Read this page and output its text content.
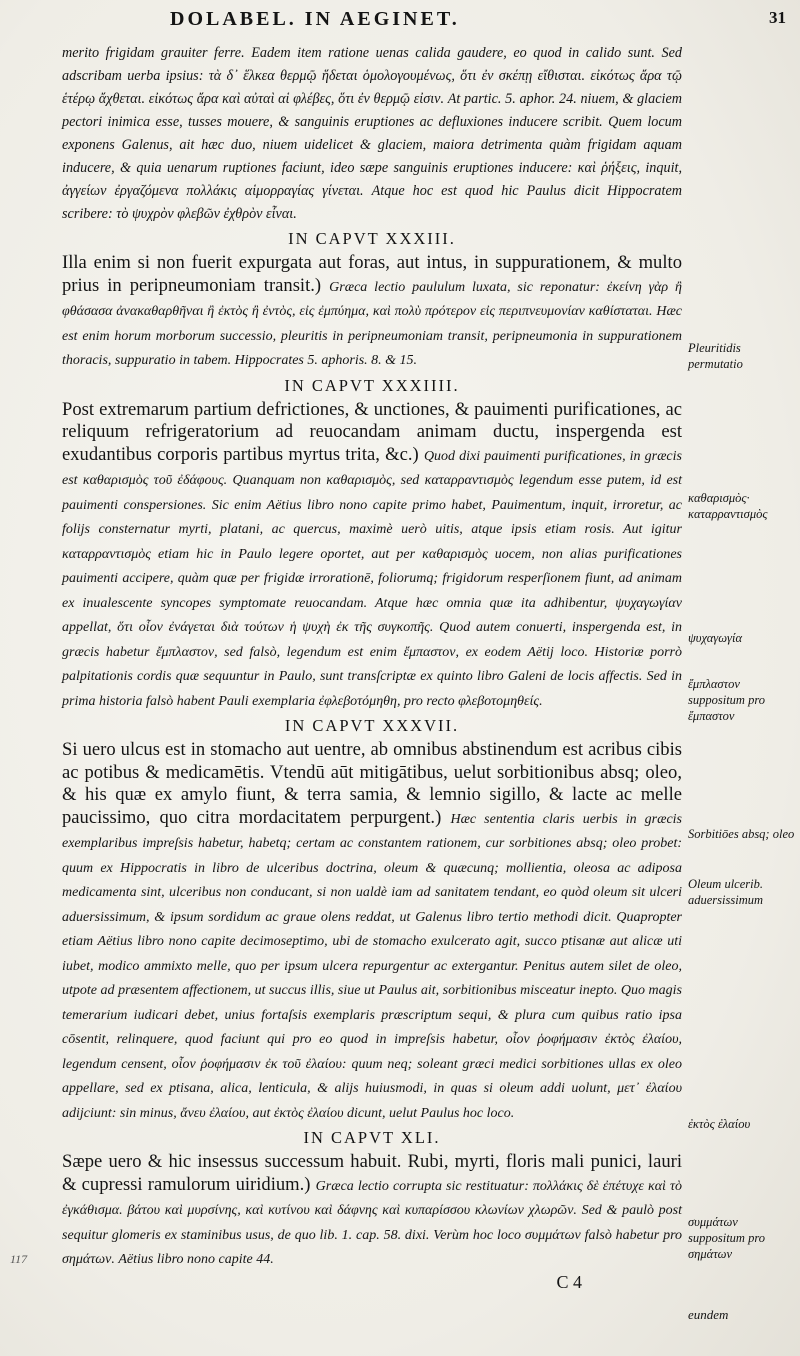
DOLABEL. IN AEGINET.	31

merito frigidam grauiter ferre. Eadem item ratione uenas calida gaudere, eo quod in calido sunt. Sed adscribam uerba ipsius: τὰ δ᾽ ἕλκεα θερμῷ ἥδεται ὁμολογουμένως, ὅτι ἐν σκέπῃ εἴθισται. εἰκότως ἄρα τῷ ἑτέρῳ ἄχθεται. εἰκότως ἄρα καὶ αὐταὶ αἱ φλέβες, ὅτι ἐν θερμῷ εἰσιν. At partic. 5. aphor. 24. niuem, & glaciem pectori inimica esse, tusses mouere, & sanguinis eruptiones ac defluxiones inducere scribit. Quem locum exponens Galenus, ait hæc duo, niuem uidelicet & glaciem, maiora detrimenta quàm frigidam aquam inducere, & quia uenarum ruptiones faciunt, ideo sæpe sanguinis eruptiones inducere: καὶ ῥήξεις, inquit, ἀγγείων ἐργαζόμενα πολλάκις αἱμορραγίας γίνεται. Atque hoc est quod hic Paulus dicit Hippocratem scribere: τὸ ψυχρὸν φλεβῶν ἐχθρὸν εἶναι.

IN CAPVT XXXIII.

Illa enim si non fuerit expurgata aut foras, aut intus, in suppurationem, & multo prius in peripneumoniam transit.) Græca lectio paululum luxata, sic reponatur: ἐκείνη γὰρ ἢ φθάσασα ἀνακαθαρθῆναι ἢ ἐκτὸς ἢ ἐντὸς, εἰς ἐμπύημα, καὶ πολὺ πρότερον εἰς περιπνευμονίαν καθίσταται. Hæc est enim horum morborum successio, pleuritis in peripneumoniam transit, peripneumonia in suppurationem thoracis, suppuratio in tabem. Hippocrates 5. aphoris. 8. & 15.

IN CAPVT XXXIIII.

Post extremarum partium defrictiones, & unctiones, & pauimenti purificationes, ac reliquum refrigeratorium ad reuocandam animam ductu, inspergenda est exudantibus corporis partibus myrtus trita, &c.) Quod dixi pauimenti purificationes, in græcis est καθαρισμὸς τοῦ ἐδάφους. Quanquam non καθαρισμὸς, sed καταρραντισμὸς legendum esse putem, id est pauimenti conspersiones. Sic enim Aëtius libro nono capite primo habet, Pauimentum, inquit, irroretur, ac folijs consternatur myrti, platani, ac quercus, maximè uerò uitis, atque ipsis etiam rosis. Aut igitur καταρραντισμὸς etiam hic in Paulo legere oportet, aut per καθαρισμὸς uocem, non alias purificationes pauimenti accipere, quàm quæ per frigidæ irrorationē, foliorumq; frigidorum resperſionem fiunt, ad animam ex inualescente syncopes symptomate reuocandam. Atque hæc omnia quæ ita adhibentur, ψυχαγωγίαν appellat, ὅτι οἷον ἐνάγεται διὰ τούτων ἡ ψυχὴ ἐκ τῆς συγκοπῆς. Quod autem conuerti, inspergenda est, in græcis habetur ἔμπλαστον, sed falsò, legendum est enim ἔμπαστον, ex eodem Aëtij loco. Historiæ porrò palpitationis cordis quæ sequuntur in Paulo, sunt transſcriptæ ex quinto libro Galeni de locis affectis. Sed in prima historia falsò habent Pauli exemplaria ἐφλεβοτόμηθη, pro recto φλεβοτομηθείς.

IN CAPVT XXXVII.

Si uero ulcus est in stomacho aut uentre, ab omnibus abstinendum est acribus cibis ac potibus & medicamētis. Vtendū aūt mitigātibus, uelut sorbitionibus absq; oleo, & his quæ ex amylo fiunt, & terra samia, & lemnio sigillo, & lacte ac melle paucissimo, quo citra mordacitatem perpurgent.) Hæc sententia claris uerbis in græcis exemplaribus impreſsis habetur, habetq; certam ac constantem rationem, cur sorbitiones absq; oleo probet: quum ex Hippocratis in libro de ulceribus doctrina, oleum & quæcunq; mollientia, oleosa ac adiposa medicamenta sint, ulceribus non conducant, si non ualdè iam ad sanitatem tendant, eo quòd oleum sit ulceri aduersissimum, & ipsum sordidum ac graue olens reddat, ut Galenus libro tertio methodi dicit. Quapropter etiam Aëtius libro nono capite decimoseptimo, ubi de stomacho exulcerato agit, succo ptisanæ aut alicæ uti iubet, modico ammixto melle, quo per ipsum ulcera repurgentur ac extergantur. Penitus autem silet de oleo, utpote ad præsentem affectionem, ut succus illis, siue ut Paulus ait, sorbitionibus misceatur inepto. Quo magis temerarium iudicari debet, unius fortaſsis exemplaris præscriptum sequi, & plura cum quibus ratio ipsa cōsentit, relinquere, quod faciunt qui pro eo quod in impreſsis habetur, οἷον ῥοφήμασιν ἐκτὸς ἐλαίου, legendum censent, οἷον ῥοφήμασιν ἐκ τοῦ ἐλαίου: quum neq; soleant græci medici sorbitiones ullas ex oleo appellare, sed ex ptisana, alica, lenticula, & alijs huiusmodi, in quas si oleum addi uolunt, μετ᾽ ἐλαίου adijciunt: sin minus, ἄνευ ἐλαίου, aut ἐκτὸς ἐλαίου dicunt, uelut Paulus hoc loco.

IN CAPVT XLI.

Sæpe uero & hic insessus successum habuit. Rubi, myrti, floris mali punici, lauri & cupressi ramulorum uiridium.) Græca lectio corrupta sic restituatur: πολλάκις δὲ ἐπέτυχε καὶ τὸ ἐγκάθισμα. βάτου καὶ μυρσίνης, καὶ κυτίνου καὶ δάφνης καὶ κυπαρίσσου κλωνίων χλωρῶν. Sed & paulò post sequitur glomeris ex staminibus usus, de quo lib. 1. cap. 58. dixi. Verùm hoc loco συμμάτων falsò habetur pro σημάτων. Aëtius libro nono capite 44.

C 4
Pleuritidis permutatio
καθαρισμὸς· καταρραντισμὸς
ψυχαγωγία
ἔμπλαστον suppositum pro ἔμπαστον
Sorbitiōes absq; oleo
Oleum ulcerib. aduersissimum
ἐκτὸς ἐλαίου
συμμάτων suppositum pro σημάτων
eundem
117
